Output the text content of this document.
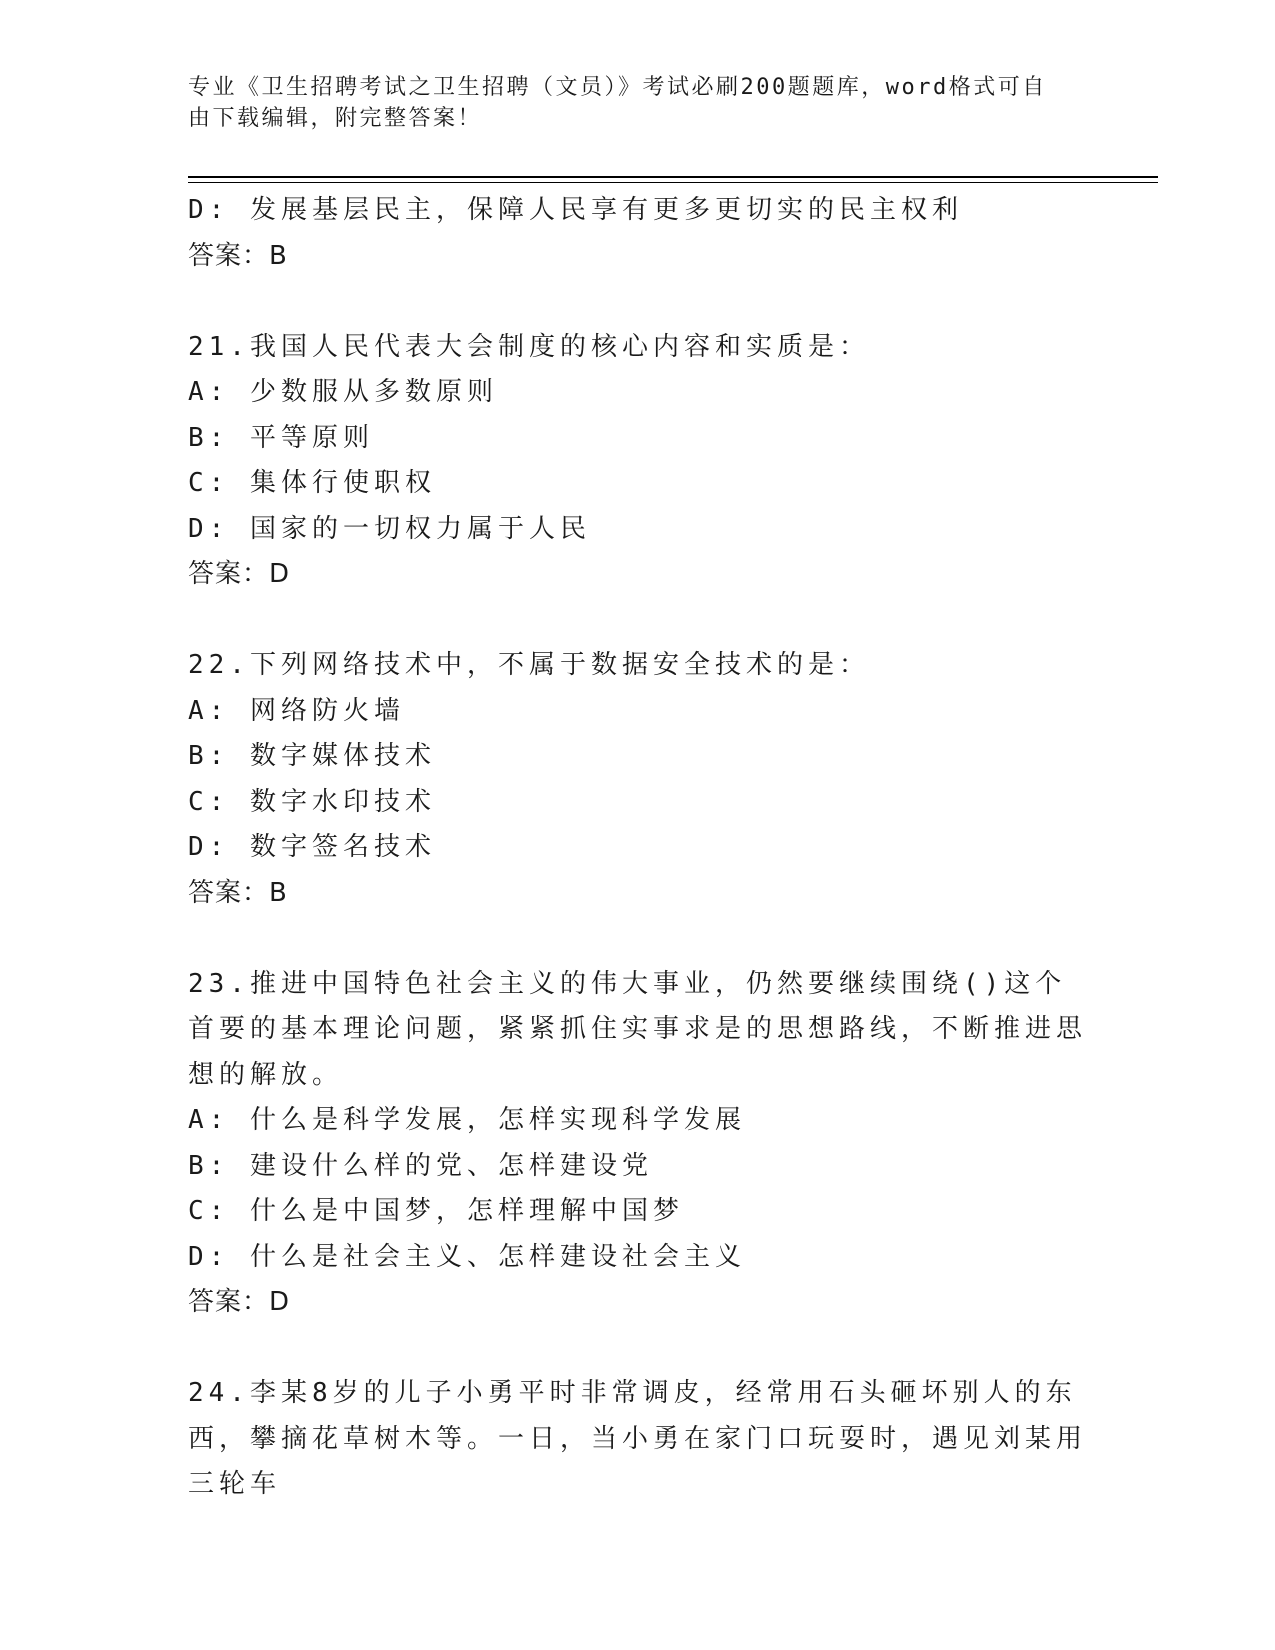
专业《卫生招聘考试之卫生招聘（文员）》考试必刷200题题库，word格式可自由下载编辑，附完整答案！
D: 发展基层民主，保障人民享有更多更切实的民主权利
答案：B
21.我国人民代表大会制度的核心内容和实质是：
A: 少数服从多数原则
B: 平等原则
C: 集体行使职权
D: 国家的一切权力属于人民
答案：D
22.下列网络技术中，不属于数据安全技术的是：
A: 网络防火墙
B: 数字媒体技术
C: 数字水印技术
D: 数字签名技术
答案：B
23.推进中国特色社会主义的伟大事业，仍然要继续围绕()这个首要的基本理论问题，紧紧抓住实事求是的思想路线，不断推进思想的解放。
A: 什么是科学发展，怎样实现科学发展
B: 建设什么样的党、怎样建设党
C: 什么是中国梦，怎样理解中国梦
D: 什么是社会主义、怎样建设社会主义
答案：D
24.李某8岁的儿子小勇平时非常调皮，经常用石头砸坏别人的东西，攀摘花草树木等。一日，当小勇在家门口玩耍时，遇见刘某用三轮车
